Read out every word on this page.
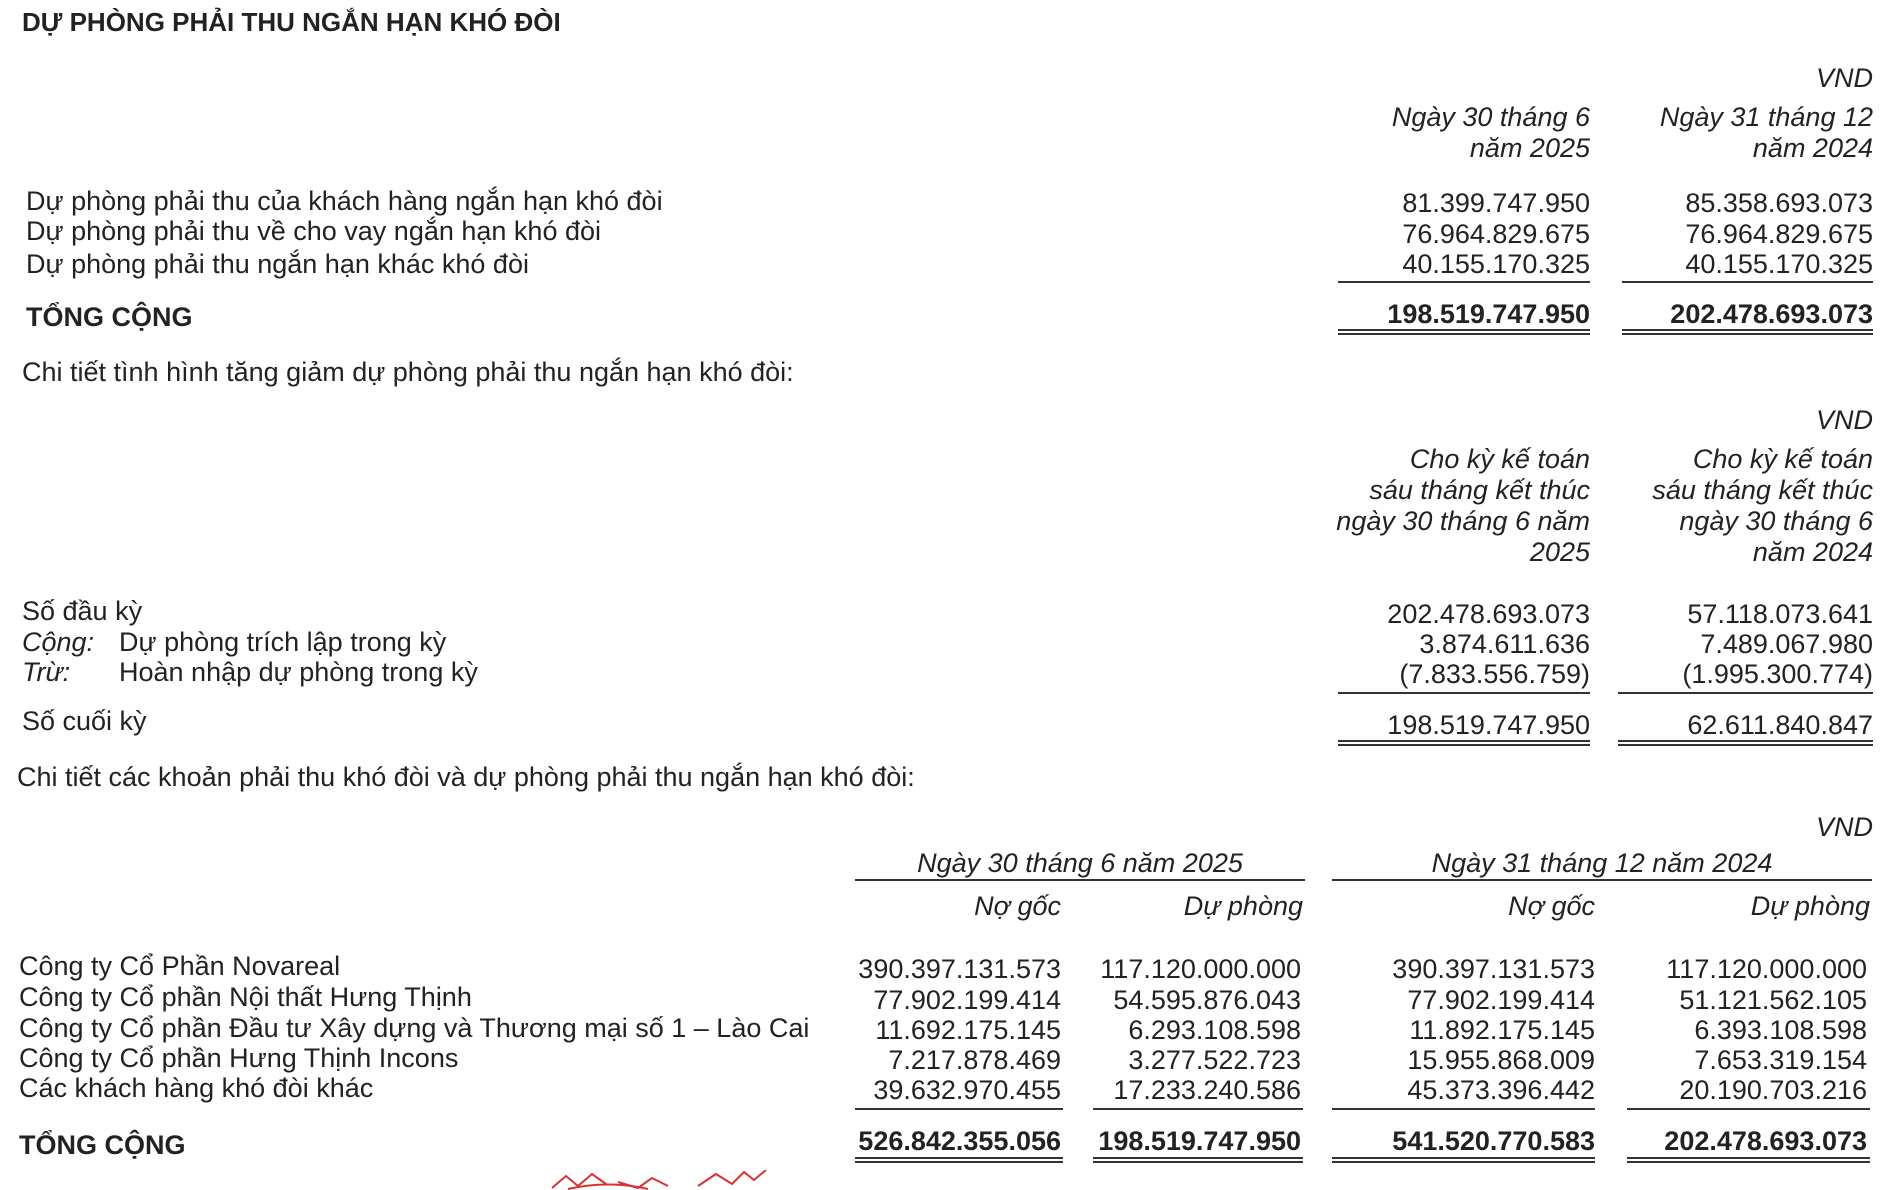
DỰ PHÒNG PHẢI THU NGẮN HẠN KHÓ ĐÒI
VND
Ngày 30 tháng 6
năm 2025
Ngày 31 tháng 12
năm 2024
Dự phòng phải thu của khách hàng ngắn hạn khó đòi	81.399.747.950	85.358.693.073
Dự phòng phải thu về cho vay ngắn hạn khó đòi	76.964.829.675	76.964.829.675
Dự phòng phải thu ngắn hạn khác khó đòi	40.155.170.325	40.155.170.325
TỔNG CỘNG	198.519.747.950	202.478.693.073
Chi tiết tình hình tăng giảm dự phòng phải thu ngắn hạn khó đòi:
VND
Cho kỳ kế toán
sáu tháng kết thúc
ngày 30 tháng 6 năm
2025
Cho kỳ kế toán
sáu tháng kết thúc
ngày 30 tháng 6
năm 2024
Số đầu kỳ	202.478.693.073	57.118.073.641
Cộng: Dự phòng trích lập trong kỳ	3.874.611.636	7.489.067.980
Trừ: Hoàn nhập dự phòng trong kỳ	(7.833.556.759)	(1.995.300.774)
Số cuối kỳ	198.519.747.950	62.611.840.847
Chi tiết các khoản phải thu khó đòi và dự phòng phải thu ngắn hạn khó đòi:
VND
Ngày 30 tháng 6 năm 2025	Ngày 31 tháng 12 năm 2024
Nợ gốc	Dự phòng	Nợ gốc	Dự phòng
Công ty Cổ Phần Novareal	390.397.131.573	117.120.000.000	390.397.131.573	117.120.000.000
Công ty Cổ phần Nội thất Hưng Thịnh	77.902.199.414	54.595.876.043	77.902.199.414	51.121.562.105
Công ty Cổ phần Đầu tư Xây dựng và Thương mại số 1 – Lào Cai	11.692.175.145	6.293.108.598	11.892.175.145	6.393.108.598
Công ty Cổ phần Hưng Thịnh Incons	7.217.878.469	3.277.522.723	15.955.868.009	7.653.319.154
Các khách hàng khó đòi khác	39.632.970.455	17.233.240.586	45.373.396.442	20.190.703.216
TỔNG CỘNG	526.842.355.056	198.519.747.950	541.520.770.583	202.478.693.073
